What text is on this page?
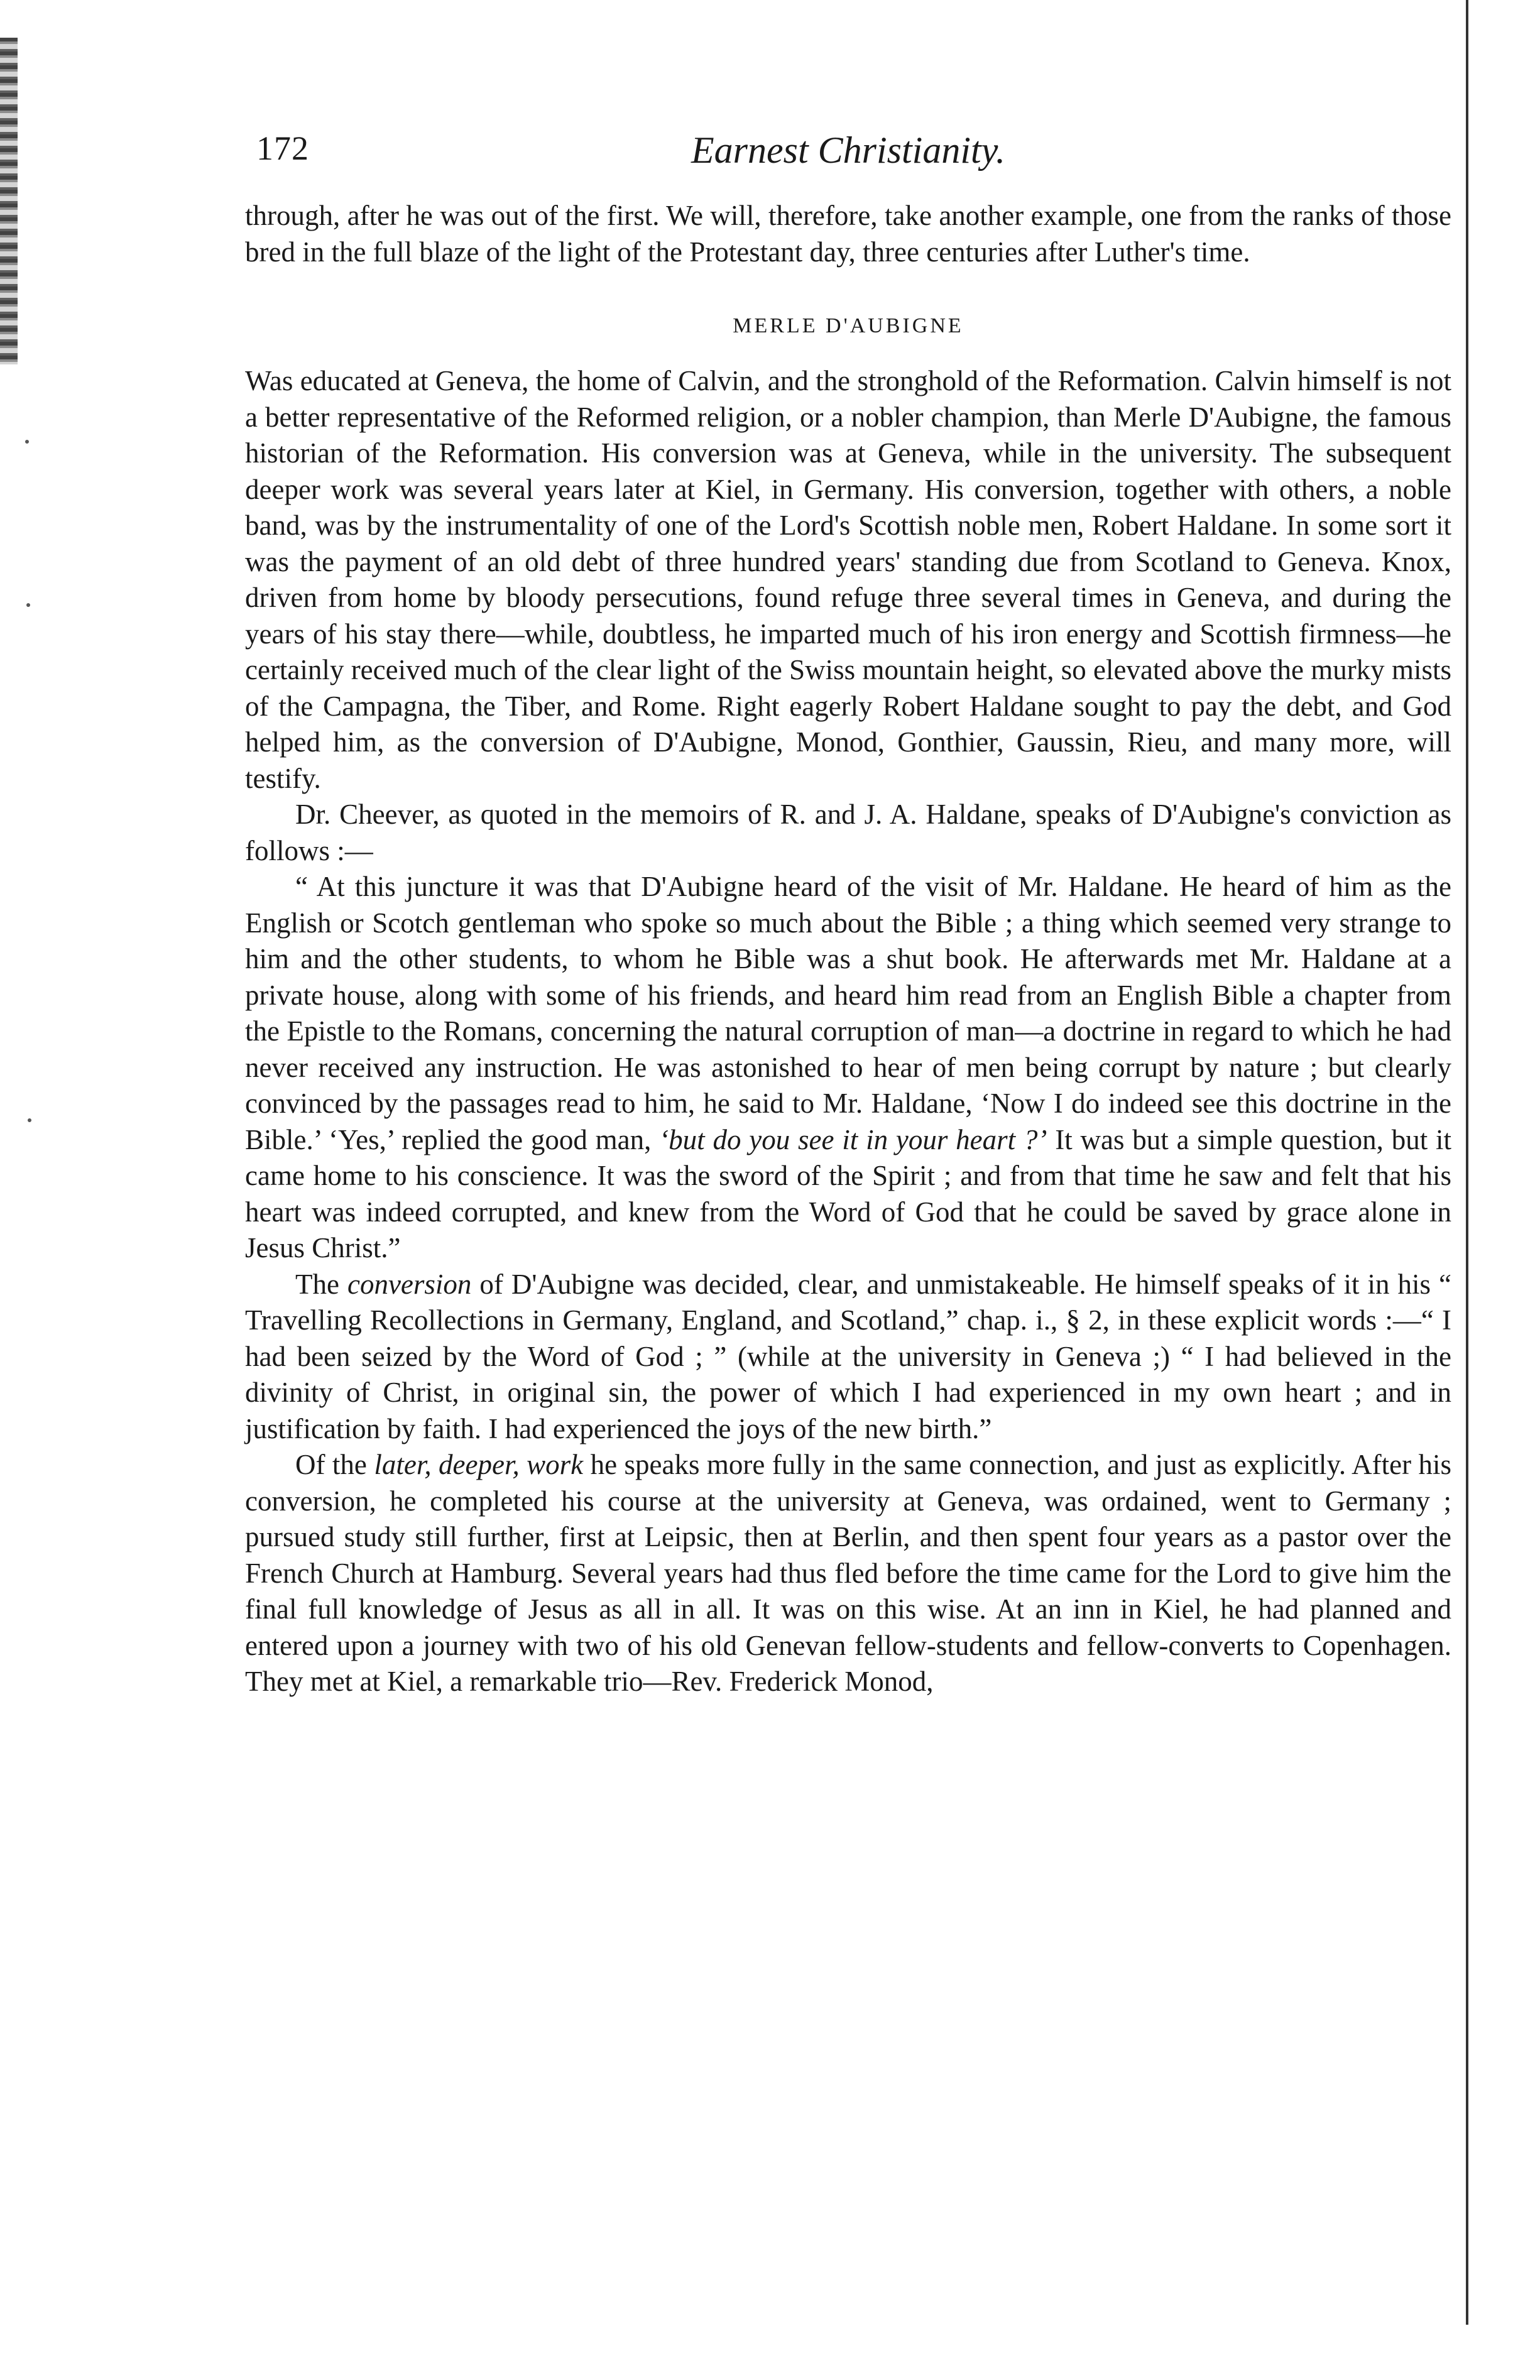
172	Earnest Christianity.

through, after he was out of the first. We will, therefore, take another example, one from the ranks of those bred in the full blaze of the light of the Protestant day, three centuries after Luther's time.

MERLE D'AUBIGNE

Was educated at Geneva, the home of Calvin, and the stronghold of the Reformation. Calvin himself is not a better representative of the Reformed religion, or a nobler champion, than Merle D'Aubigne, the famous historian of the Reformation. His conversion was at Geneva, while in the university. The subsequent deeper work was several years later at Kiel, in Germany. His conversion, together with others, a noble band, was by the instrumentality of one of the Lord's Scottish noble men, Robert Haldane. In some sort it was the payment of an old debt of three hundred years' standing due from Scotland to Geneva. Knox, driven from home by bloody persecutions, found refuge three several times in Geneva, and during the years of his stay there—while, doubtless, he imparted much of his iron energy and Scottish firmness—he certainly received much of the clear light of the Swiss mountain height, so elevated above the murky mists of the Campagna, the Tiber, and Rome. Right eagerly Robert Haldane sought to pay the debt, and God helped him, as the conversion of D'Aubigne, Monod, Gonthier, Gaussin, Rieu, and many more, will testify.

Dr. Cheever, as quoted in the memoirs of R. and J. A. Haldane, speaks of D'Aubigne's conviction as follows :—

“ At this juncture it was that D'Aubigne heard of the visit of Mr. Haldane. He heard of him as the English or Scotch gentleman who spoke so much about the Bible ; a thing which seemed very strange to him and the other students, to whom he Bible was a shut book. He afterwards met Mr. Haldane at a private house, along with some of his friends, and heard him read from an English Bible a chapter from the Epistle to the Romans, concerning the natural corruption of man—a doctrine in regard to which he had never received any instruction. He was astonished to hear of men being corrupt by nature ; but clearly convinced by the passages read to him, he said to Mr. Haldane, ‘Now I do indeed see this doctrine in the Bible.’ ‘Yes,’ replied the good man, ‘but do you see it in your heart ?’ It was but a simple question, but it came home to his conscience. It was the sword of the Spirit ; and from that time he saw and felt that his heart was indeed corrupted, and knew from the Word of God that he could be saved by grace alone in Jesus Christ.”

The conversion of D'Aubigne was decided, clear, and unmistakeable. He himself speaks of it in his “ Travelling Recollections in Germany, England, and Scotland,” chap. i., § 2, in these explicit words :—“ I had been seized by the Word of God ; ” (while at the university in Geneva ;) “ I had believed in the divinity of Christ, in original sin, the power of which I had experienced in my own heart ; and in justification by faith. I had experienced the joys of the new birth.”

Of the later, deeper, work he speaks more fully in the same connection, and just as explicitly. After his conversion, he completed his course at the university at Geneva, was ordained, went to Germany ; pursued study still further, first at Leipsic, then at Berlin, and then spent four years as a pastor over the French Church at Hamburg. Several years had thus fled before the time came for the Lord to give him the final full knowledge of Jesus as all in all. It was on this wise. At an inn in Kiel, he had planned and entered upon a journey with two of his old Genevan fellow-students and fellow-converts to Copenhagen. They met at Kiel, a remarkable trio—Rev. Frederick Monod,
